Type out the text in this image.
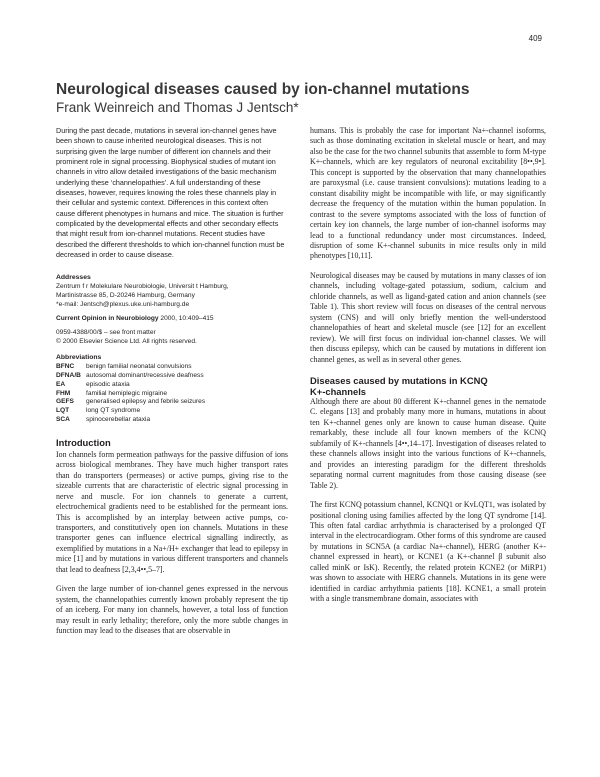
409
Neurological diseases caused by ion-channel mutations
Frank Weinreich and Thomas J Jentsch*

During the past decade, mutations in several ion-channel genes have been shown to cause inherited neurological diseases. This is not surprising given the large number of different ion channels and their prominent role in signal processing. Biophysical studies of mutant ion channels in vitro allow detailed investigations of the basic mechanism underlying these ‘channelopathies’. A full understanding of these diseases, however, requires knowing the roles these channels play in their cellular and systemic context. Differences in this context often cause different phenotypes in humans and mice. The situation is further complicated by the developmental effects and other secondary effects that might result from ion-channel mutations. Recent studies have described the different thresholds to which ion-channel function must be decreased in order to cause disease.

Addresses

Zentrum f r Molekulare Neurobiologie, Universit t Hamburg,

Martinistrasse 85, D-20246 Hamburg, Germany

*e-mail: Jentsch@plexus.uke.uni-hamburg.de

Current Opinion in Neurobiology 2000, 10:409–415

0959-4388/00/$ – see front matter

© 2000 Elsevier Science Ltd. All rights reserved.

Abbreviations

BFNC	benign familial neonatal convulsions
DFNA/B	autosomal dominant/recessive deafness
EA	episodic ataxia
FHM	familial hemiplegic migraine
GEFS	generalised epilepsy and febrile seizures
LQT	long QT syndrome
SCA	spinocerebellar ataxia
Introduction

Ion channels form permeation pathways for the passive diffusion of ions across biological membranes. They have much higher transport rates than do transporters (permeases) or active pumps, giving rise to the sizeable currents that are characteristic of electric signal processing in nerve and muscle. For ion channels to generate a current, electrochemical gradients need to be established for the permeant ions. This is accomplished by an interplay between active pumps, co-transporters, and constitutively open ion channels. Mutations in these transporter genes can influence electrical signalling indirectly, as exemplified by mutations in a Na+/H+ exchanger that lead to epilepsy in mice [1] and by mutations in various different transporters and channels that lead to deafness [2,3,4••,5–7].

Given the large number of ion-channel genes expressed in the nervous system, the channelopathies currently known probably represent the tip of an iceberg. For many ion channels, however, a total loss of function may result in early lethality; therefore, only the more subtle changes in function may lead to the diseases that are observable in

humans. This is probably the case for important Na+-channel isoforms, such as those dominating excitation in skeletal muscle or heart, and may also be the case for the two channel subunits that assemble to form M-type K+-channels, which are key regulators of neuronal excitability [8••,9•]. This concept is supported by the observation that many channelopathies are paroxysmal (i.e. cause transient convulsions): mutations leading to a constant disability might be incompatible with life, or may significantly decrease the frequency of the mutation within the human population. In contrast to the severe symptoms associated with the loss of function of certain key ion channels, the large number of ion-channel isoforms may lead to a functional redundancy under most circumstances. Indeed, disruption of some K+-channel subunits in mice results only in mild phenotypes [10,11].

Neurological diseases may be caused by mutations in many classes of ion channels, including voltage-gated potassium, sodium, calcium and chloride channels, as well as ligand-gated cation and anion channels (see Table 1). This short review will focus on diseases of the central nervous system (CNS) and will only briefly mention the well-understood channelopathies of heart and skeletal muscle (see [12] for an excellent review). We will first focus on individual ion-channel classes. We will then discuss epilepsy, which can be caused by mutations in different ion channel genes, as well as in several other genes.

Diseases caused by mutations in KCNQ
K+-channels

Although there are about 80 different K+-channel genes in the nematode C. elegans [13] and probably many more in humans, mutations in about ten K+-channel genes only are known to cause human disease. Quite remarkably, these include all four known members of the KCNQ subfamily of K+-channels [4••,14–17]. Investigation of diseases related to these channels allows insight into the various functions of K+-channels, and provides an interesting paradigm for the different thresholds separating normal current magnitudes from those causing disease (see Table 2).

The first KCNQ potassium channel, KCNQ1 or KvLQT1, was isolated by positional cloning using families affected by the long QT syndrome [14]. This often fatal cardiac arrhythmia is characterised by a prolonged QT interval in the electrocardiogram. Other forms of this syndrome are caused by mutations in SCN5A (a cardiac Na+-channel), HERG (another K+-channel expressed in heart), or KCNE1 (a K+-channel β subunit also called minK or IsK). Recently, the related protein KCNE2 (or MiRP1) was shown to associate with HERG channels. Mutations in its gene were identified in cardiac arrhythmia patients [18]. KCNE1, a small protein with a single transmembrane domain, associates with
